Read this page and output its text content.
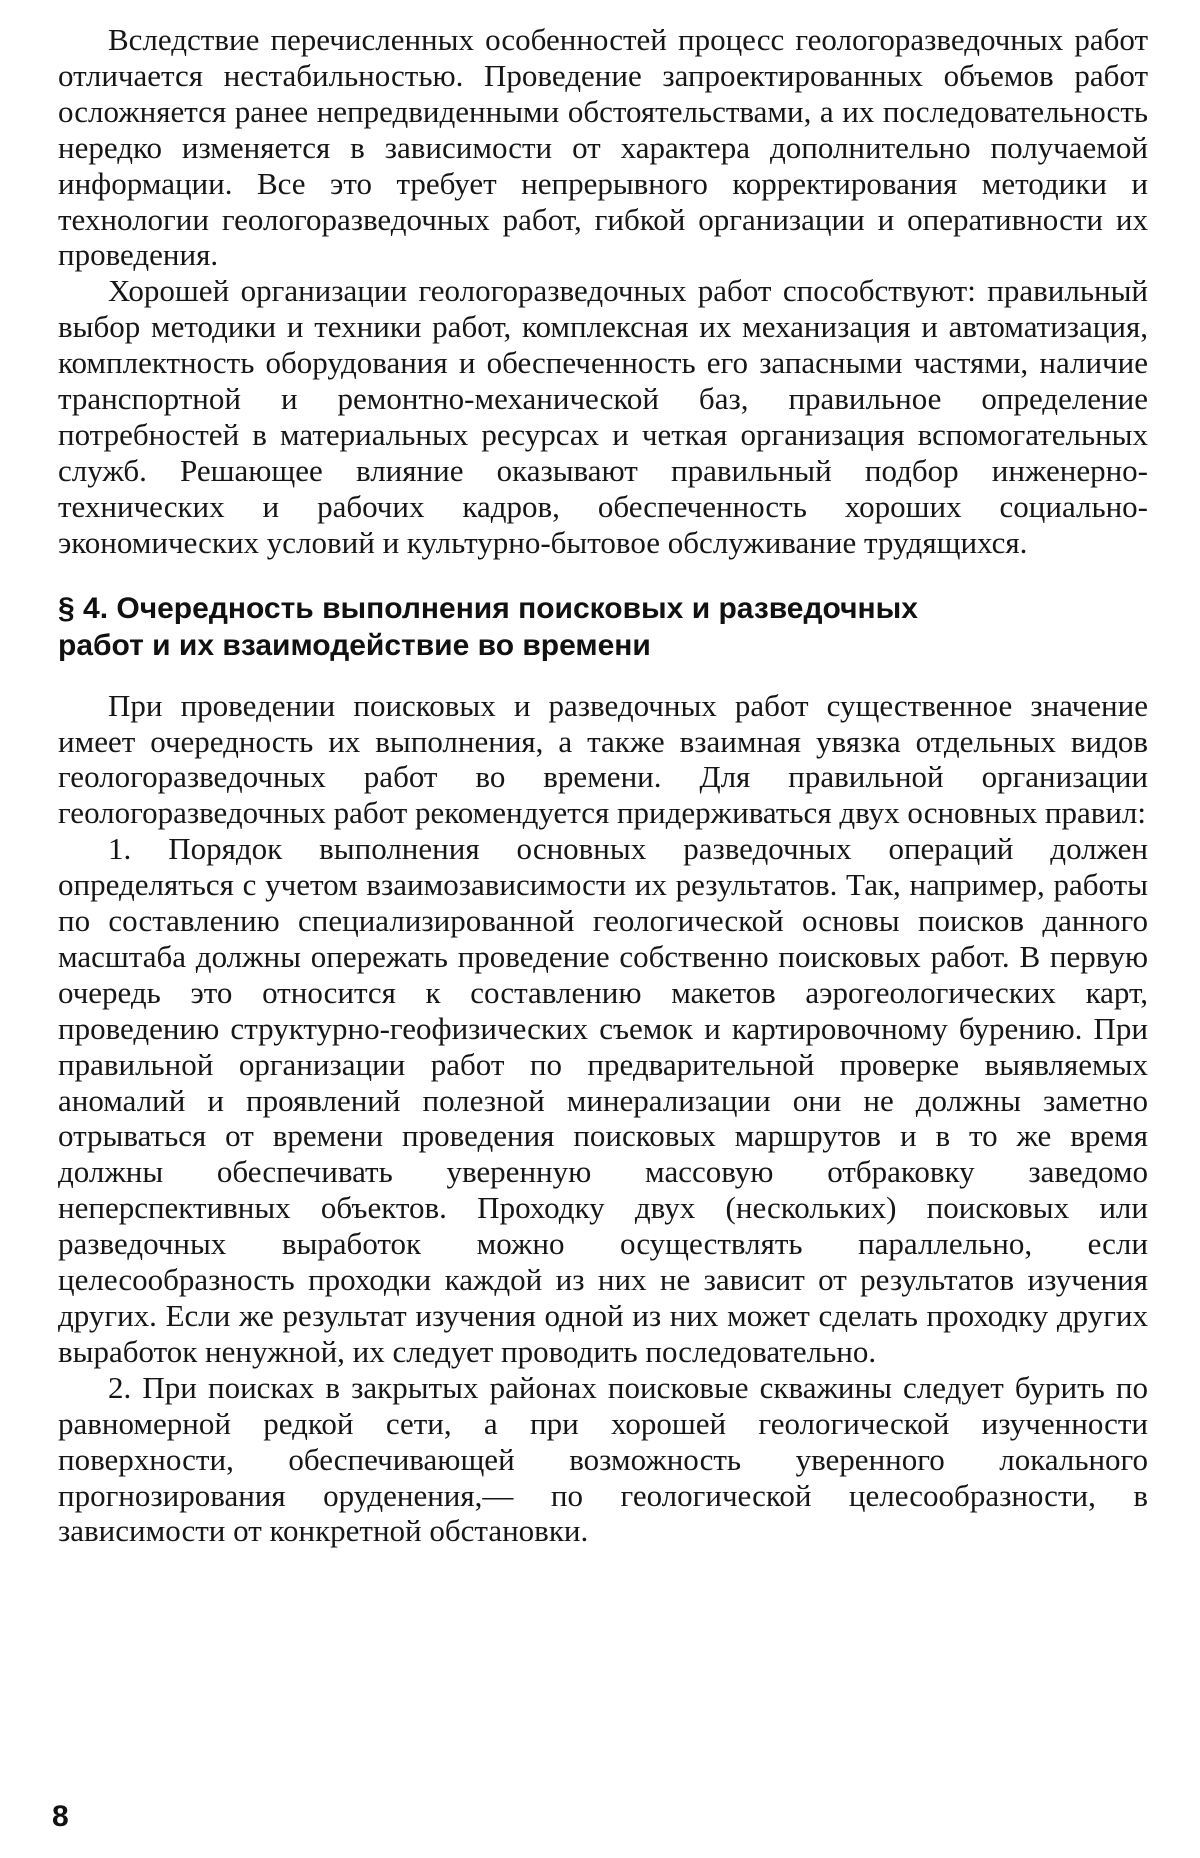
Вследствие перечисленных особенностей процесс геологоразведочных работ отличается нестабильностью. Проведение запроектированных объемов работ осложняется ранее непредвиденными обстоятельствами, а их последовательность нередко изменяется в зависимости от характера дополнительно получаемой информации. Все это требует непрерывного корректирования методики и технологии геологоразведочных работ, гибкой организации и оперативности их проведения.

Хорошей организации геологоразведочных работ способствуют: правильный выбор методики и техники работ, комплексная их механизация и автоматизация, комплектность оборудования и обеспеченность его запасными частями, наличие транспортной и ремонтно-механической баз, правильное определение потребностей в материальных ресурсах и четкая организация вспомогательных служб. Решающее влияние оказывают правильный подбор инженерно-технических и рабочих кадров, обеспеченность хороших социально-экономических условий и культурно-бытовое обслуживание трудящихся.

§ 4. Очередность выполнения поисковых и разведочных
работ и их взаимодействие во времени

При проведении поисковых и разведочных работ существенное значение имеет очередность их выполнения, а также взаимная увязка отдельных видов геологоразведочных работ во времени. Для правильной организации геологоразведочных работ рекомендуется придерживаться двух основных правил:

1. Порядок выполнения основных разведочных операций должен определяться с учетом взаимозависимости их результатов. Так, например, работы по составлению специализированной геологической основы поисков данного масштаба должны опережать проведение собственно поисковых работ. В первую очередь это относится к составлению макетов аэрогеологических карт, проведению структурно-геофизических съемок и картировочному бурению. При правильной организации работ по предварительной проверке выявляемых аномалий и проявлений полезной минерализации они не должны заметно отрываться от времени проведения поисковых маршрутов и в то же время должны обеспечивать уверенную массовую отбраковку заведомо неперспективных объектов. Проходку двух (нескольких) поисковых или разведочных выработок можно осуществлять параллельно, если целесообразность проходки каждой из них не зависит от результатов изучения других. Если же результат изучения одной из них может сделать проходку других выработок ненужной, их следует проводить последовательно.

2. При поисках в закрытых районах поисковые скважины следует бурить по равномерной редкой сети, а при хорошей геологической изученности поверхности, обеспечивающей возможность уверенного локального прогнозирования оруденения,— по геологической целесообразности, в зависимости от конкретной обстановки.

8
